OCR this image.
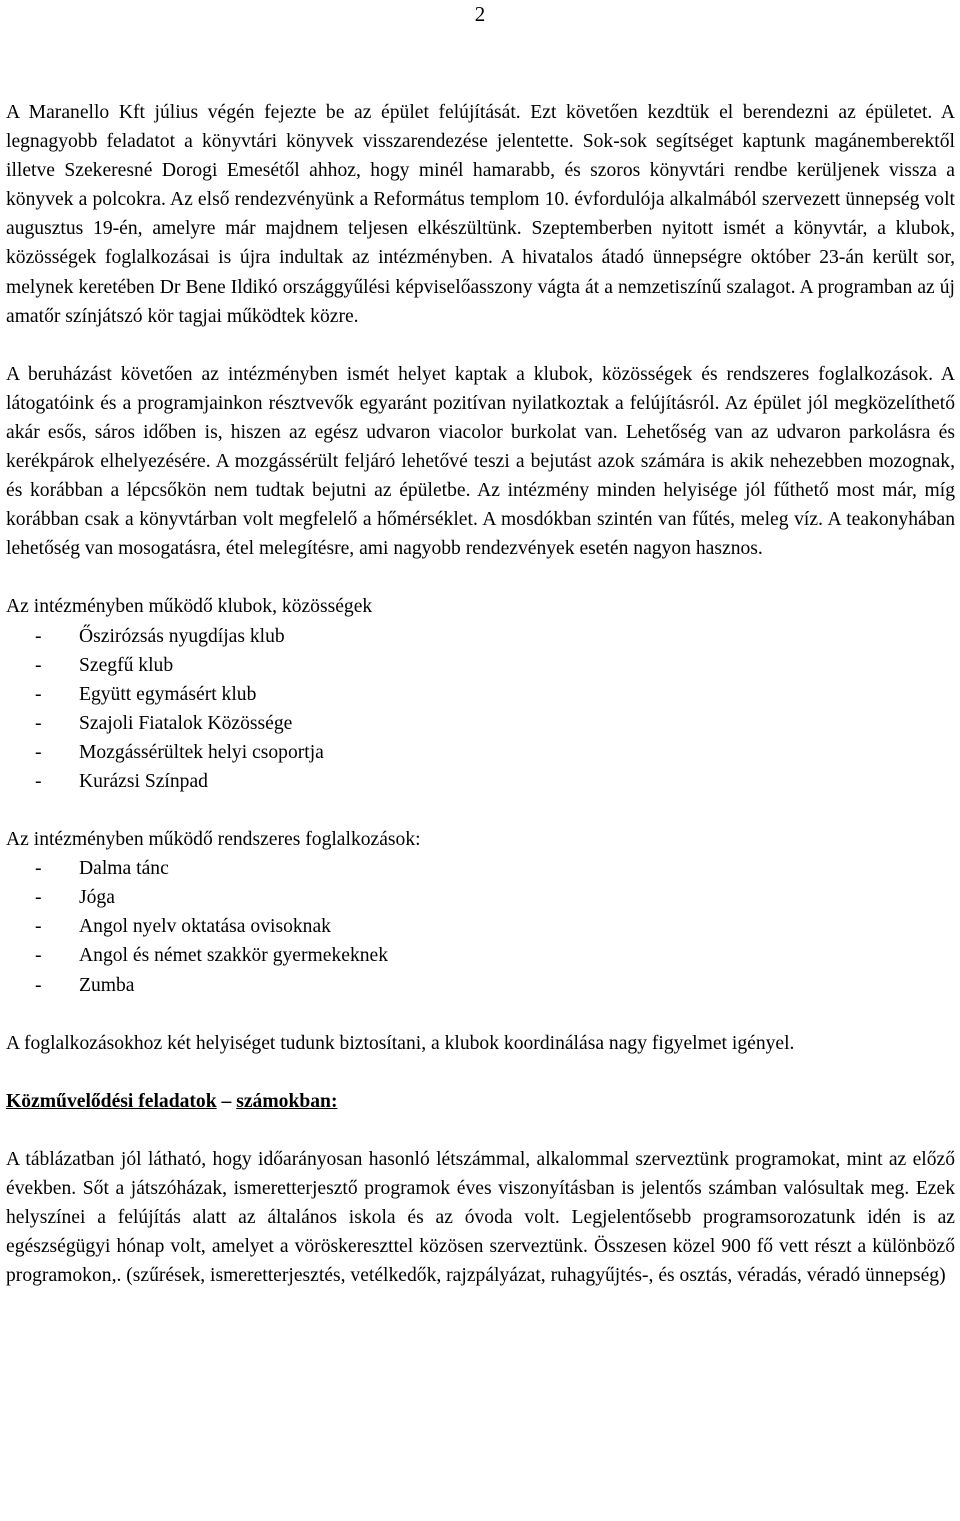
2

A Maranello Kft július végén fejezte be az épület felújítását. Ezt követően kezdtük el berendezni az épületet. A legnagyobb feladatot a könyvtári könyvek visszarendezése jelentette. Sok-sok segítséget kaptunk magánemberektől illetve Szekeresné Dorogi Emesétől ahhoz, hogy minél hamarabb, és szoros könyvtári rendbe kerüljenek vissza a könyvek a polcokra. Az első rendezvényünk a Református templom 10. évfordulója alkalmából szervezett ünnepség volt augusztus 19-én, amelyre már majdnem teljesen elkészültünk. Szeptemberben nyitott ismét a könyvtár, a klubok, közösségek foglalkozásai is újra indultak az intézményben. A hivatalos átadó ünnepségre október 23-án került sor, melynek keretében Dr Bene Ildikó országgyűlési képviselőasszony vágta át a nemzetiszínű szalagot. A programban az új amatőr színjátszó kör tagjai működtek közre.

A beruházást követően az intézményben ismét helyet kaptak a klubok, közösségek és rendszeres foglalkozások. A látogatóink és a programjainkon résztvevők egyaránt pozitívan nyilatkoztak a felújításról. Az épület jól megközelíthető akár esős, sáros időben is, hiszen az egész udvaron viacolor burkolat van. Lehetőség van az udvaron parkolásra és kerékpárok elhelyezésére. A mozgássérült feljáró lehetővé teszi a bejutást azok számára is akik nehezebben mozognak, és korábban a lépcsőkön nem tudtak bejutni az épületbe. Az intézmény minden helyisége jól fűthető most már, míg korábban csak a könyvtárban volt megfelelő a hőmérséklet. A mosdókban szintén van fűtés, meleg víz. A teakonyhában lehetőség van mosogatásra, étel melegítésre, ami nagyobb rendezvények esetén nagyon hasznos.

Az intézményben működő klubok, közösségek
- Őszirózsás nyugdíjas klub
- Szegfű klub
- Együtt egymásért klub
- Szajoli Fiatalok Közössége
- Mozgássérültek helyi csoportja
- Kurázsi Színpad
Az intézményben működő rendszeres foglalkozások:
- Dalma tánc
- Jóga
- Angol nyelv oktatása ovisoknak
- Angol és német szakkör gyermekeknek
- Zumba

A foglalkozásokhoz két helyiséget tudunk biztosítani, a klubok koordinálása nagy figyelmet igényel.

Közművelődési feladatok – számokban:

A táblázatban jól látható, hogy időarányosan hasonló létszámmal, alkalommal szerveztünk programokat, mint az előző években. Sőt a játszóházak, ismeretterjesztő programok éves viszonyításban is jelentős számban valósultak meg. Ezek helyszínei a felújítás alatt az általános iskola és az óvoda volt. Legjelentősebb programsorozatunk idén is az egészségügyi hónap volt, amelyet a vöröskereszttel közösen szerveztünk. Összesen közel 900 fő vett részt a különböző programokon,. (szűrések, ismeretterjesztés, vetélkedők, rajzpályázat, ruhagyűjtés-, és osztás, véradás, véradó ünnepség)
